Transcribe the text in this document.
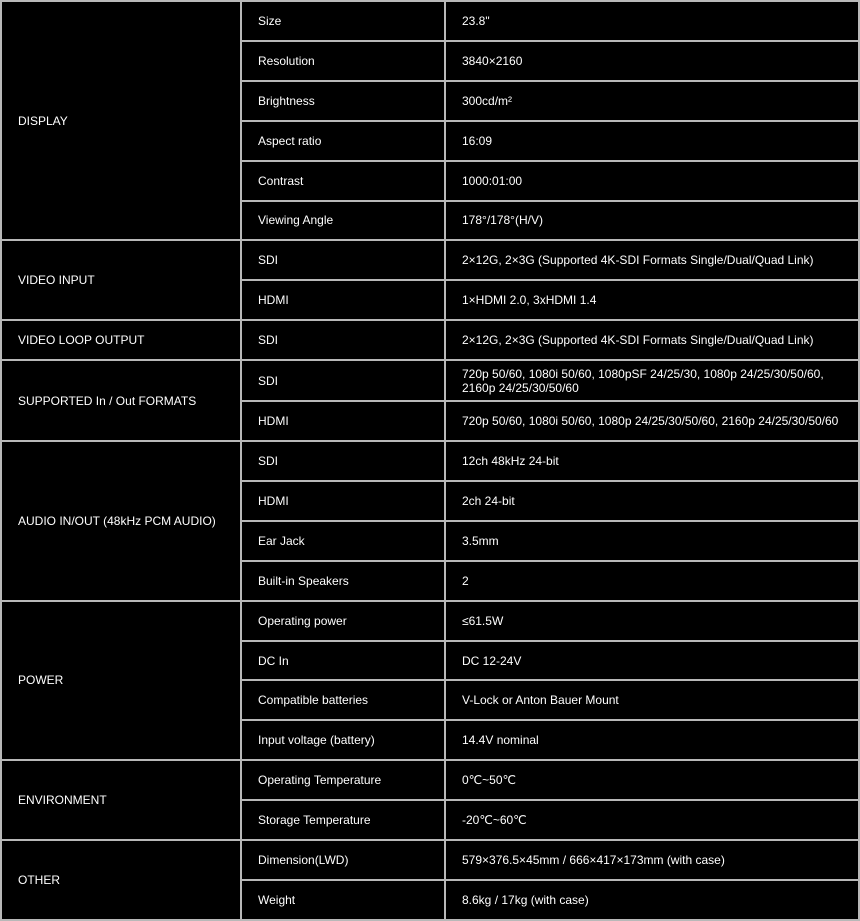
DISPLAY	Size	23.8"
	Resolution	3840×2160
	Brightness	300cd/m²
	Aspect ratio	16:09
	Contrast	1000:01:00
	Viewing Angle	178°/178°(H/V)
VIDEO INPUT	SDI	2×12G, 2×3G (Supported 4K-SDI Formats Single/Dual/Quad Link)
	HDMI	1×HDMI 2.0, 3xHDMI 1.4
VIDEO LOOP OUTPUT	SDI	2×12G, 2×3G (Supported 4K-SDI Formats Single/Dual/Quad Link)
SUPPORTED In / Out FORMATS	SDI	720p 50/60, 1080i 50/60, 1080pSF 24/25/30, 1080p 24/25/30/50/60, 2160p 24/25/30/50/60
	HDMI	720p 50/60, 1080i 50/60, 1080p 24/25/30/50/60, 2160p 24/25/30/50/60
AUDIO IN/OUT (48kHz PCM AUDIO)	SDI	12ch 48kHz 24-bit
	HDMI	2ch 24-bit
	Ear Jack	3.5mm
	Built-in Speakers	2
POWER	Operating power	≤61.5W
	DC In	DC 12-24V
	Compatible batteries	V-Lock or Anton Bauer Mount
	Input voltage (battery)	14.4V nominal
ENVIRONMENT	Operating Temperature	0℃~50℃
	Storage Temperature	-20℃~60℃
OTHER	Dimension(LWD)	579×376.5×45mm / 666×417×173mm (with case)
	Weight	8.6kg / 17kg (with case)
